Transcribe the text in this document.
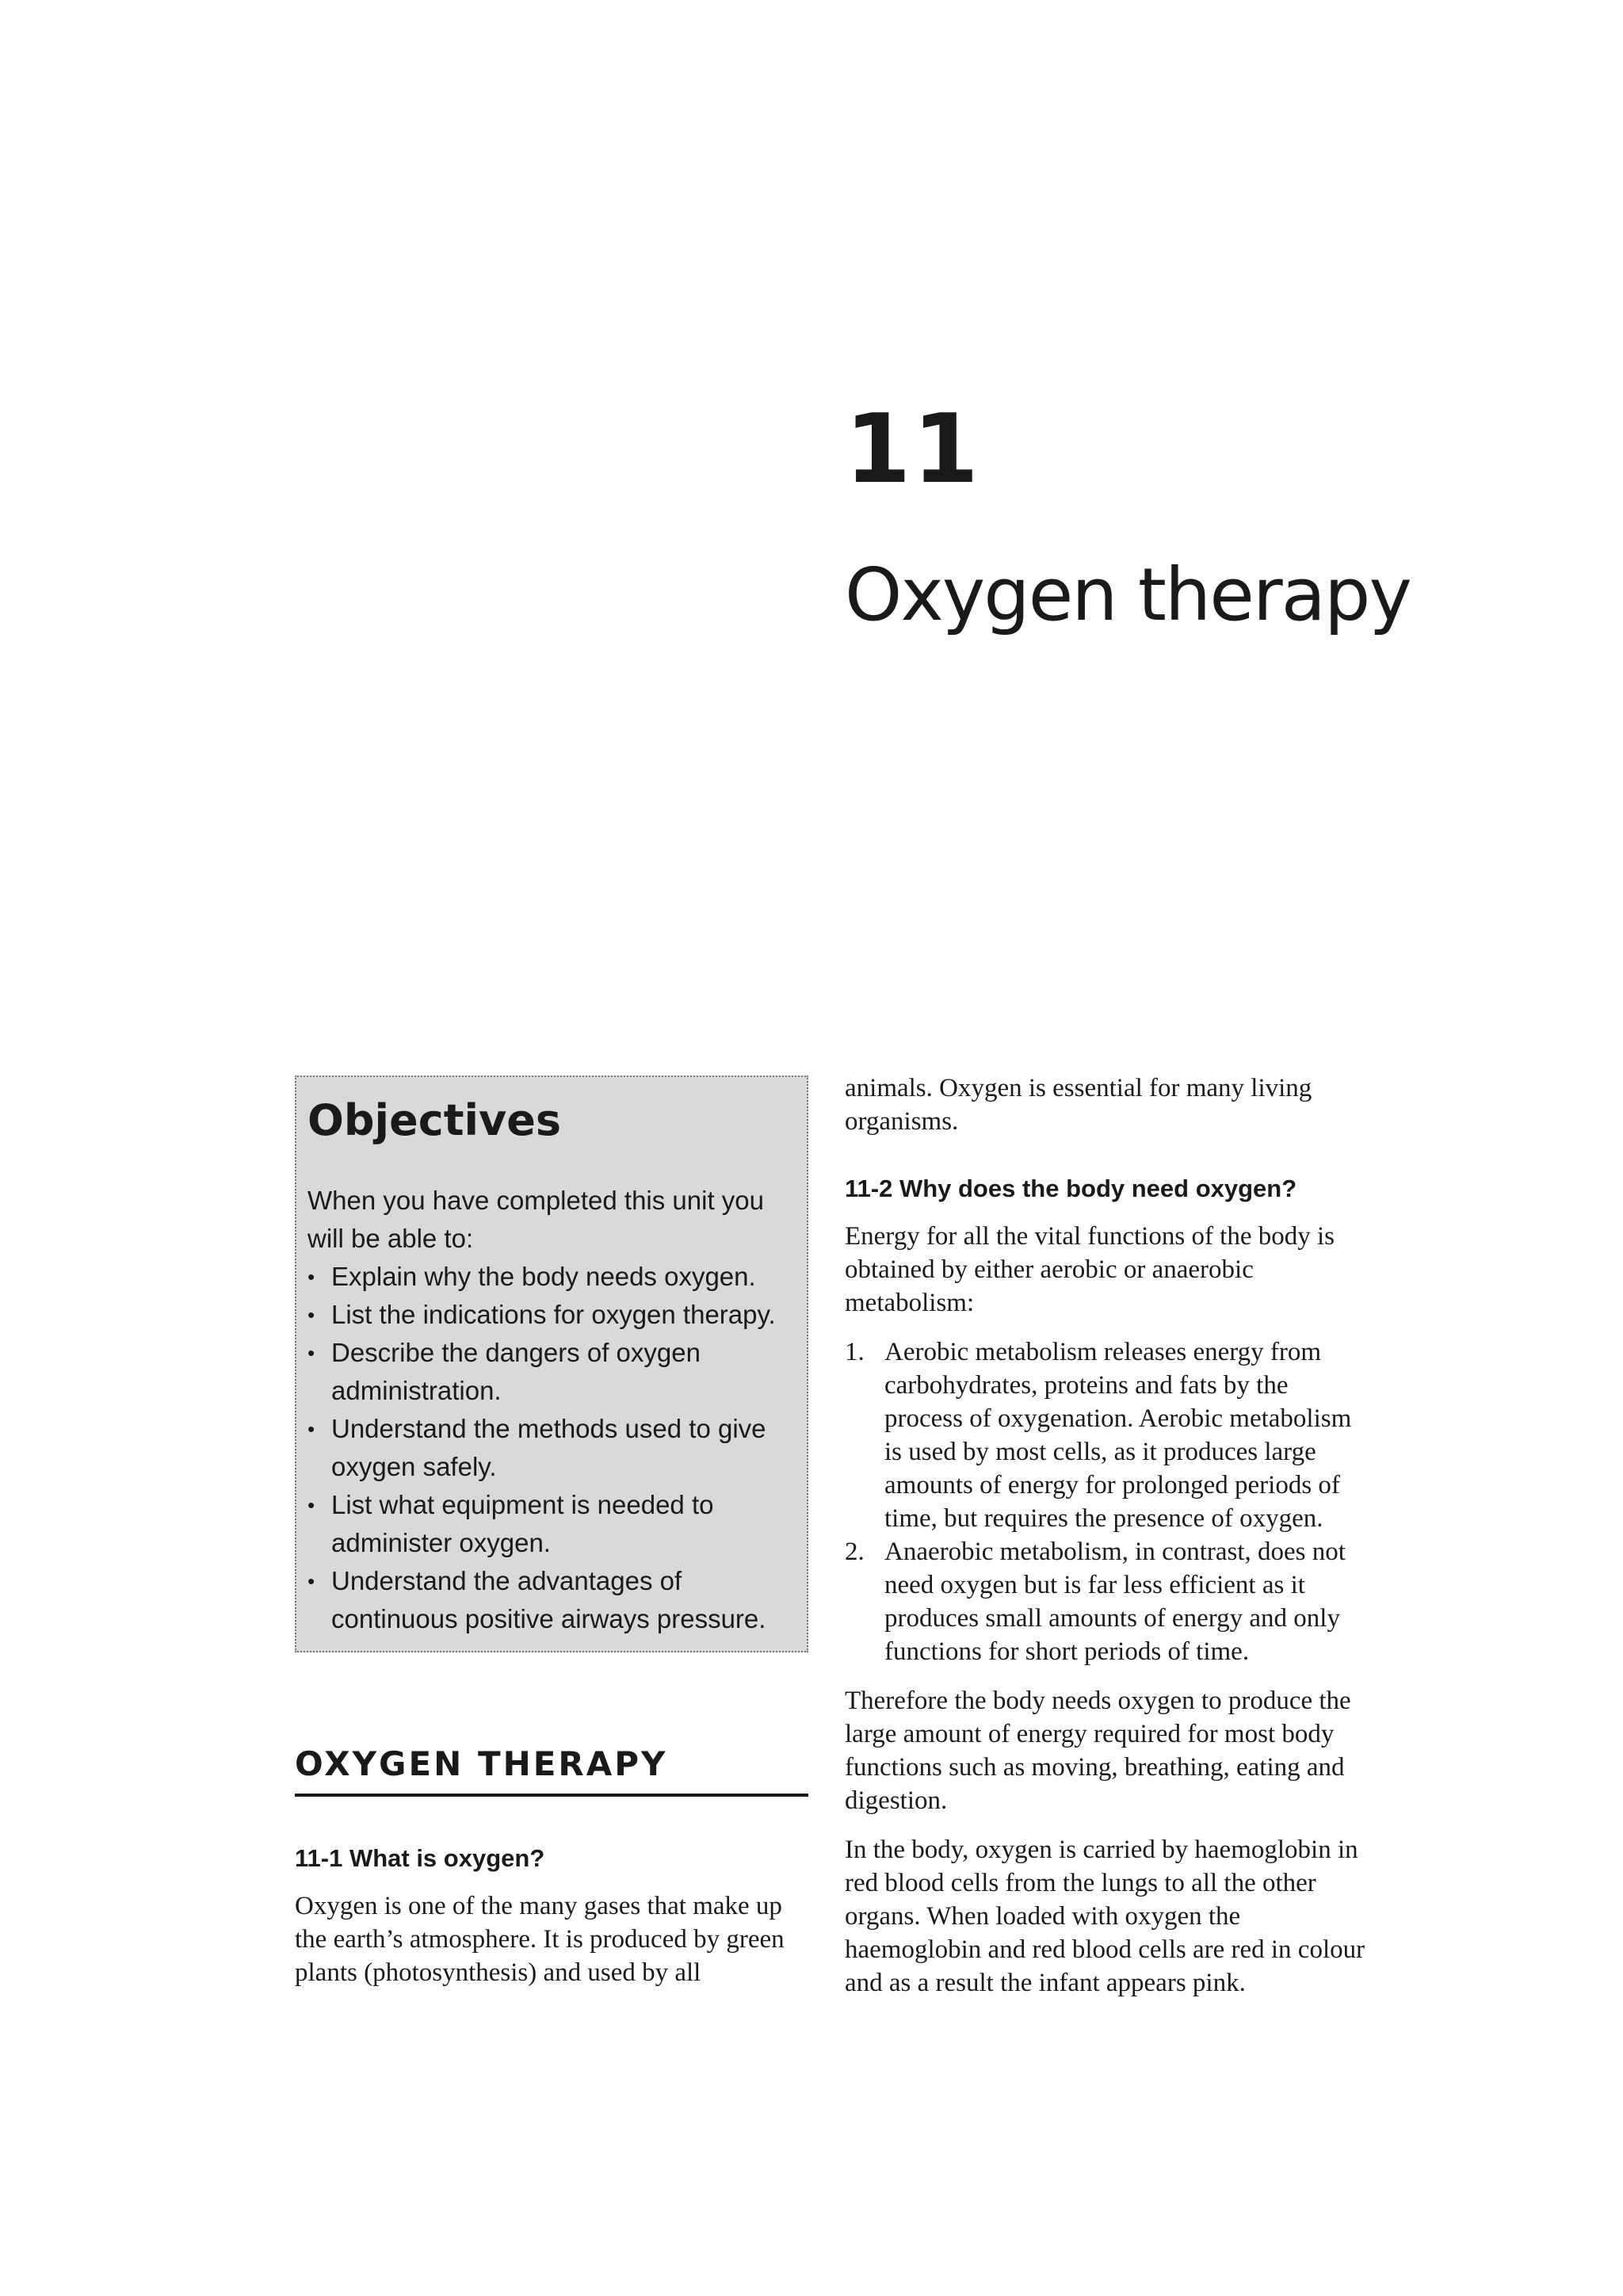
11
Oxygen therapy
Objectives

When you have completed this unit you will be able to:

• Explain why the body needs oxygen.
• List the indications for oxygen therapy.
• Describe the dangers of oxygen administration.
• Understand the methods used to give oxygen safely.
• List what equipment is needed to administer oxygen.
• Understand the advantages of continuous positive airways pressure.
OXYGEN THERAPY
11-1 What is oxygen?

Oxygen is one of the many gases that make up the earth’s atmosphere. It is produced by green plants (photosynthesis) and used by all

animals. Oxygen is essential for many living organisms.

11-2 Why does the body need oxygen?

Energy for all the vital functions of the body is obtained by either aerobic or anaerobic metabolism:

1. Aerobic metabolism releases energy from carbohydrates, proteins and fats by the process of oxygenation. Aerobic metabolism is used by most cells, as it produces large amounts of energy for prolonged periods of time, but requires the presence of oxygen.
2. Anaerobic metabolism, in contrast, does not need oxygen but is far less efficient as it produces small amounts of energy and only functions for short periods of time.

Therefore the body needs oxygen to produce the large amount of energy required for most body functions such as moving, breathing, eating and digestion.

In the body, oxygen is carried by haemoglobin in red blood cells from the lungs to all the other organs. When loaded with oxygen the haemoglobin and red blood cells are red in colour and as a result the infant appears pink.
